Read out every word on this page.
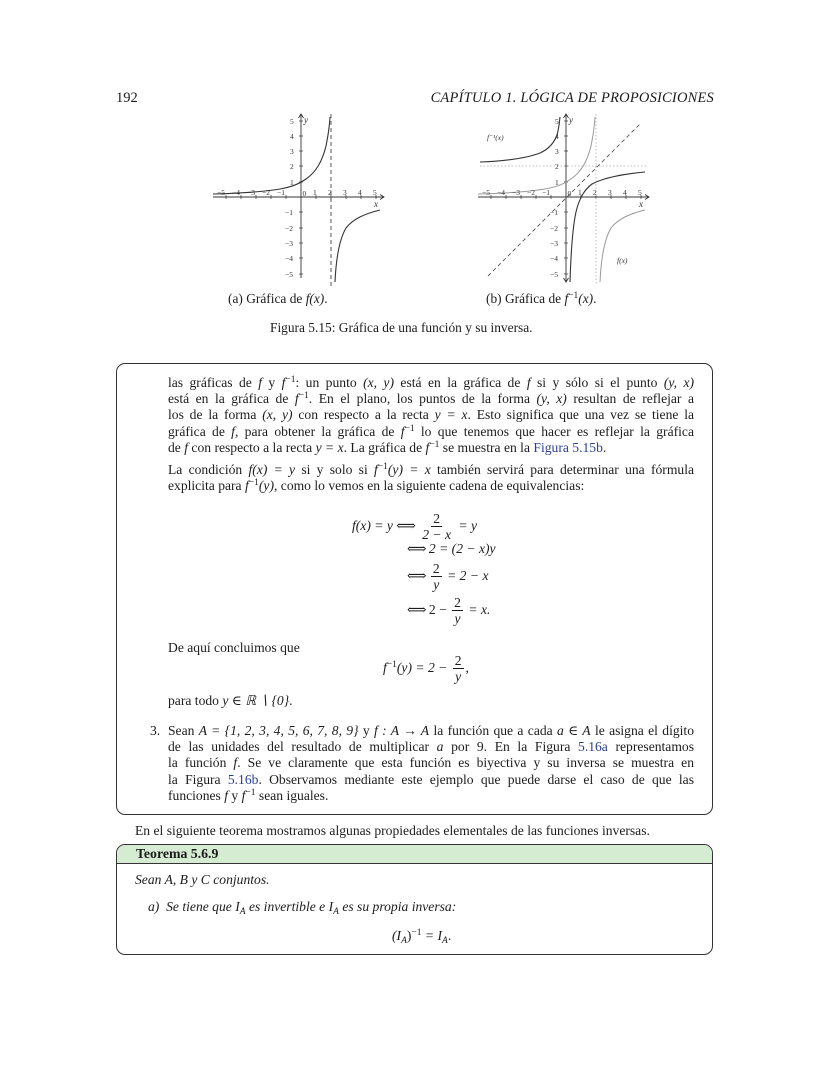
192	CAPÍTULO 1. LÓGICA DE PROPOSICIONES
−5 −4 −3 −2 −1 0 1 2 3 4 5
5
4
3
2
1
−1
−2
−3
−4
−5
x
y
−5 −4 −3 −2 −1 0 1 2 3 4 5
5
4
3
2
1
−1
−2
−3
−4
−5
x
y
f⁻¹(x)
f(x)
(a) Gráfica de f(x).	(b) Gráfica de $f^{-1}(x)$.
Figura 5.15: Gráfica de una función y su inversa.
las gráficas de f y $f^{-1}$: un punto (x, y) está en la gráfica de f si y sólo si el punto (y, x)
está en la gráfica de $f^{-1}$. En el plano, los puntos de la forma (y, x) resultan de reflejar a
los de la forma (x, y) con respecto a la recta y = x. Esto significa que una vez se tiene la
gráfica de f, para obtener la gráfica de $f^{-1}$ lo que tenemos que hacer es reflejar la gráfica
de f con respecto a la recta y = x. La gráfica de $f^{-1}$ se muestra en la Figura 5.15b.
La condición f(x) = y si y solo si $f^{-1}(y) = x$ también servirá para determinar una fórmula
explicita para $f^{-1}(y)$, como lo vemos en la siguiente cadena de equivalencias:
f(x) = y ⟺ $\frac{2}{2 - x} = y$
⟺ 2 = (2 − x)y
⟺ $\frac{2}{y} = 2 - x$
⟺ $2 - \frac{2}{y} = x$.
De aquí concluimos que
$f^{-1}(y) = 2 - \frac{2}{y}$ ,
para todo y ∈ ℝ ∖ {0}.
3. Sean A = {1, 2, 3, 4, 5, 6, 7, 8, 9} y f : A → A la función que a cada a ∈ A le asigna el dígito
de las unidades del resultado de multiplicar a por 9. En la Figura 5.16a representamos
la función f. Se ve claramente que esta función es biyectiva y su inversa se muestra en
la Figura 5.16b. Observamos mediante este ejemplo que puede darse el caso de que las
funciones f y $f^{-1}$ sean iguales.
En el siguiente teorema mostramos algunas propiedades elementales de las funciones inversas.
Teorema 5.6.9
Sean A, B y C conjuntos.
a) Se tiene que $I_A$ es invertible e $I_A$ es su propia inversa:
$(I_A)^{-1} = I_A$.
